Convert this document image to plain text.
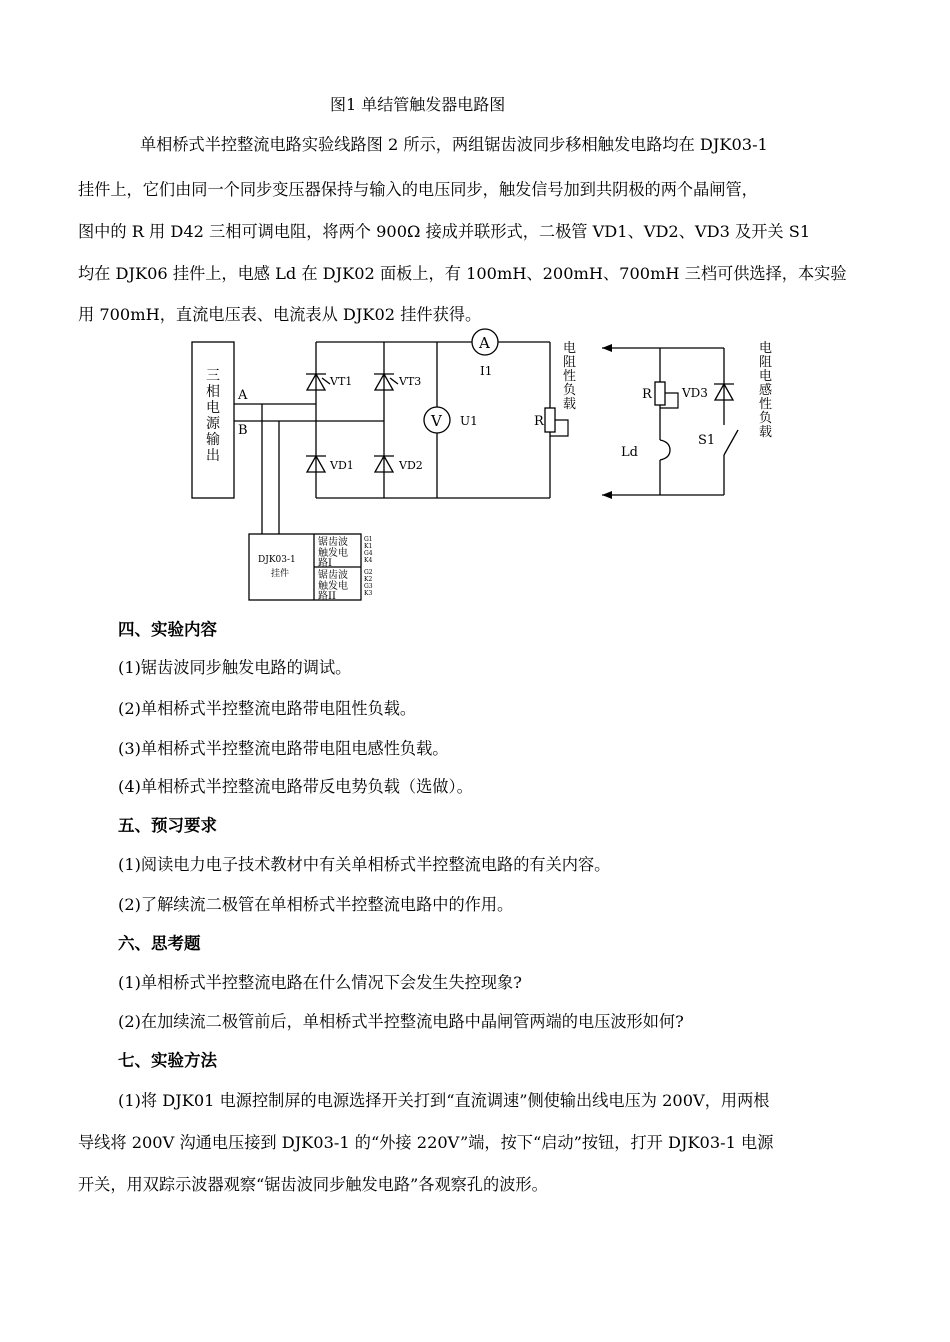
图1 单结管触发器电路图
单相桥式半控整流电路实验线路图 2 所示，两组锯齿波同步移相触发电路均在 DJK03-1
挂件上，它们由同一个同步变压器保持与输入的电压同步，触发信号加到共阴极的两个晶闸管，
图中的 R 用 D42 三相可调电阻，将两个 900Ω 接成并联形式，二极管 VD1、VD2、VD3 及开关 S1
均在 DJK06 挂件上，电感 Ld 在 DJK02 面板上，有 100mH、200mH、700mH 三档可供选择，本实验
用 700mH，直流电压表、电流表从 DJK02 挂件获得。
A
B
VT1	VT3
VD1	VD2
A
I1
V U1	R
R
Ld
S1
VD3
DJK03-1
挂件
三
相
电
源
输
出
电
阻
性
负
载
电
阻
电
感
性
负
载
锯齿波
触发电
路I
锯齿波
触发电
路II
G1
K1
G4
K4
G2
K2
G3
K3
四、实验内容
(1)锯齿波同步触发电路的调试。
(2)单相桥式半控整流电路带电阻性负载。
(3)单相桥式半控整流电路带电阻电感性负载。
(4)单相桥式半控整流电路带反电势负载（选做）。
五、预习要求
(1)阅读电力电子技术教材中有关单相桥式半控整流电路的有关内容。
(2)了解续流二极管在单相桥式半控整流电路中的作用。
六、思考题
(1)单相桥式半控整流电路在什么情况下会发生失控现象?
(2)在加续流二极管前后，单相桥式半控整流电路中晶闸管两端的电压波形如何?
七、实验方法
(1)将 DJK01 电源控制屏的电源选择开关打到“直流调速”侧使输出线电压为 200V，用两根
导线将 200V 沟通电压接到 DJK03-1 的“外接 220V”端，按下“启动”按钮，打开 DJK03-1 电源
开关，用双踪示波器观察“锯齿波同步触发电路”各观察孔的波形。
